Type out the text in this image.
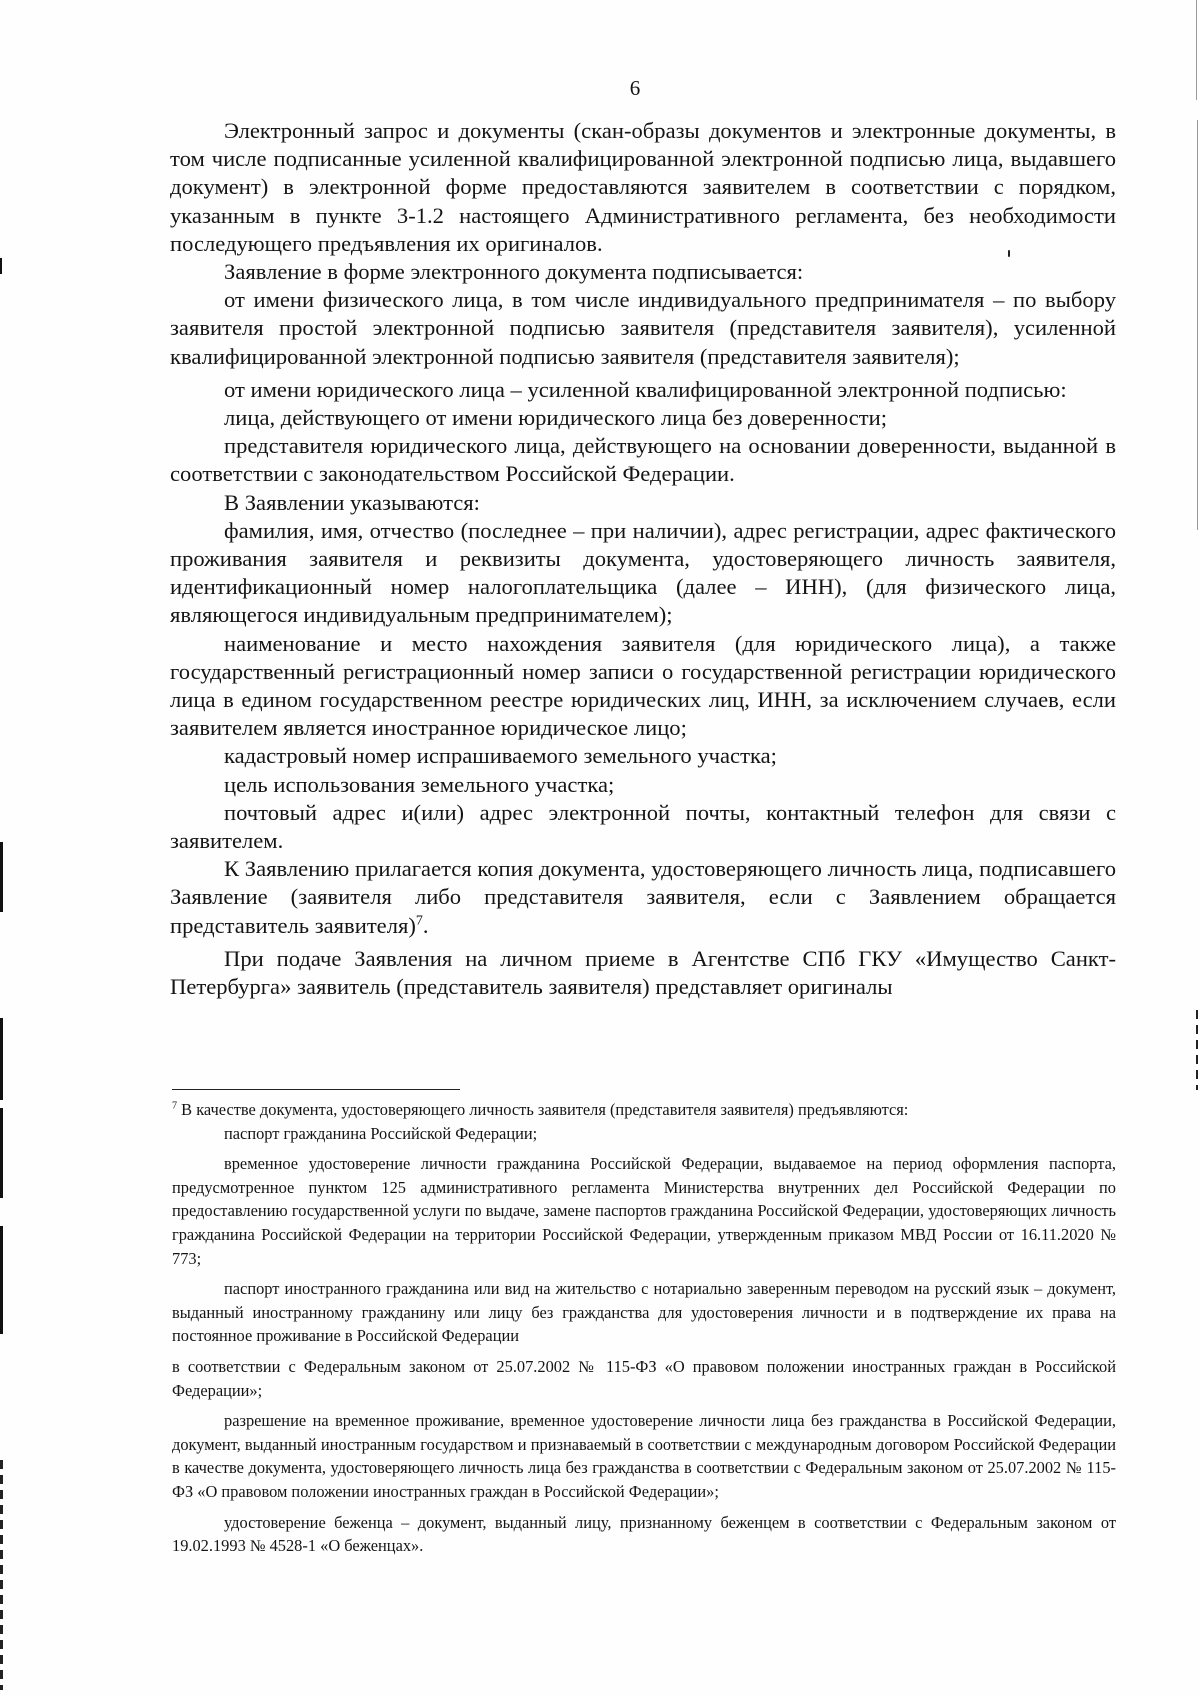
6

Электронный запрос и документы (скан-образы документов и электронные документы, в том числе подписанные усиленной квалифицированной электронной подписью лица, выдавшего документ) в электронной форме предоставляются заявителем в соответствии с порядком, указанным в пункте 3-1.2 настоящего Административного регламента, без необходимости последующего предъявления их оригиналов.

Заявление в форме электронного документа подписывается:

от имени физического лица, в том числе индивидуального предпринимателя – по выбору заявителя простой электронной подписью заявителя (представителя заявителя), усиленной квалифицированной электронной подписью заявителя (представителя заявителя);

от имени юридического лица – усиленной квалифицированной электронной подписью:

лица, действующего от имени юридического лица без доверенности;

представителя юридического лица, действующего на основании доверенности, выданной в соответствии с законодательством Российской Федерации.

В Заявлении указываются:

фамилия, имя, отчество (последнее – при наличии), адрес регистрации, адрес фактического проживания заявителя и реквизиты документа, удостоверяющего личность заявителя, идентификационный номер налогоплательщика (далее – ИНН), (для физического лица, являющегося индивидуальным предпринимателем);

наименование и место нахождения заявителя (для юридического лица), а также государственный регистрационный номер записи о государственной регистрации юридического лица в едином государственном реестре юридических лиц, ИНН, за исключением случаев, если заявителем является иностранное юридическое лицо;

кадастровый номер испрашиваемого земельного участка;

цель использования земельного участка;

почтовый адрес и(или) адрес электронной почты, контактный телефон для связи с заявителем.

К Заявлению прилагается копия документа, удостоверяющего личность лица, подписавшего Заявление (заявителя либо представителя заявителя, если с Заявлением обращается представитель заявителя)$^7$.

При подаче Заявления на личном приеме в Агентстве СПб ГКУ «Имущество Санкт-Петербурга» заявитель (представитель заявителя) представляет оригиналы

$^7$ В качестве документа, удостоверяющего личность заявителя (представителя заявителя) предъявляются:

паспорт гражданина Российской Федерации;

временное удостоверение личности гражданина Российской Федерации, выдаваемое на период оформления паспорта, предусмотренное пунктом 125 административного регламента Министерства внутренних дел Российской Федерации по предоставлению государственной услуги по выдаче, замене паспортов гражданина Российской Федерации, удостоверяющих личность гражданина Российской Федерации на территории Российской Федерации, утвержденным приказом МВД России от 16.11.2020 № 773;

паспорт иностранного гражданина или вид на жительство с нотариально заверенным переводом на русский язык – документ, выданный иностранному гражданину или лицу без гражданства для удостоверения личности и в подтверждение их права на постоянное проживание в Российской Федерации

в соответствии с Федеральным законом от 25.07.2002 № 115-ФЗ «О правовом положении иностранных граждан в Российской Федерации»;

разрешение на временное проживание, временное удостоверение личности лица без гражданства в Российской Федерации, документ, выданный иностранным государством и признаваемый в соответствии с международным договором Российской Федерации в качестве документа, удостоверяющего личность лица без гражданства в соответствии с Федеральным законом от 25.07.2002 № 115-ФЗ «О правовом положении иностранных граждан в Российской Федерации»;

удостоверение беженца – документ, выданный лицу, признанному беженцем в соответствии с Федеральным законом от 19.02.1993 № 4528-1 «О беженцах».
